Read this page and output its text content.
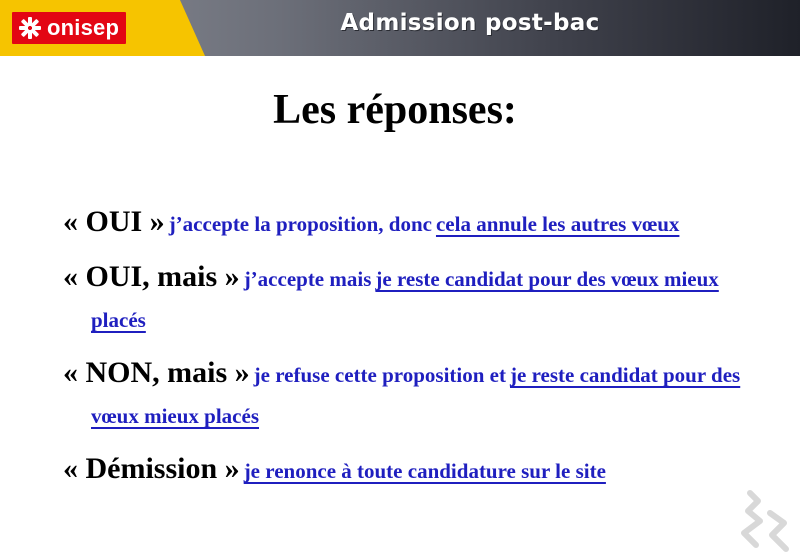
onisep	Admission post-bac
Les réponses:
« OUI » j’accepte la proposition, donc cela annule les autres vœux
« OUI, mais » j’accepte mais je reste candidat pour des vœux mieux placés
« NON, mais » je refuse cette proposition et je reste candidat pour des vœux mieux placés
« Démission » je renonce à toute candidature sur le site
